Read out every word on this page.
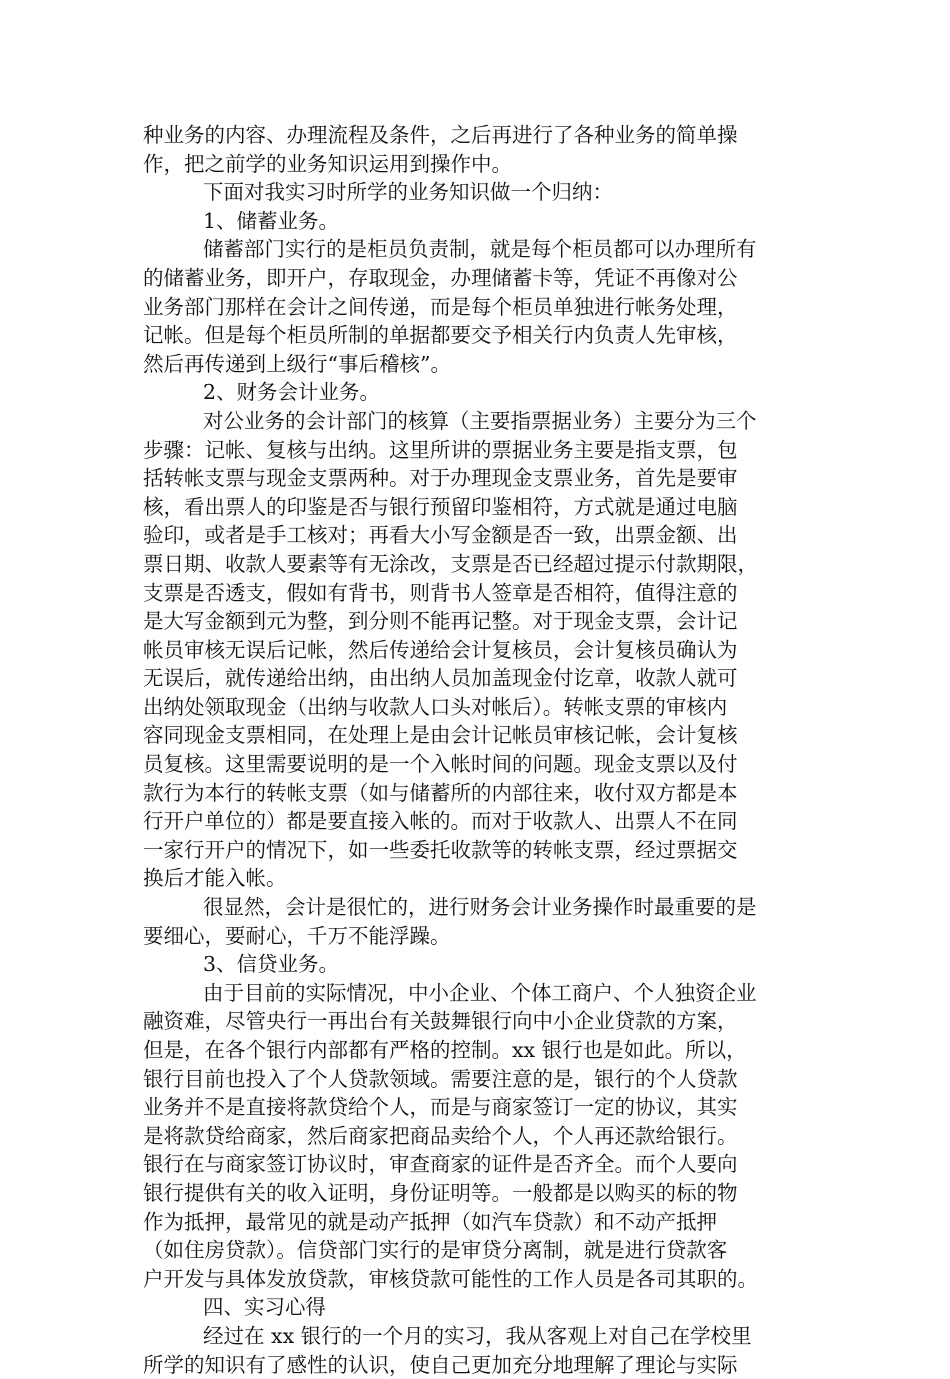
种业务的内容、办理流程及条件，之后再进行了各种业务的简单操
作，把之前学的业务知识运用到操作中。
下面对我实习时所学的业务知识做一个归纳：
1、储蓄业务。
储蓄部门实行的是柜员负责制，就是每个柜员都可以办理所有
的储蓄业务，即开户，存取现金，办理储蓄卡等，凭证不再像对公
业务部门那样在会计之间传递，而是每个柜员单独进行帐务处理，
记帐。但是每个柜员所制的单据都要交予相关行内负责人先审核，
然后再传递到上级行“事后稽核”。
2、财务会计业务。
对公业务的会计部门的核算（主要指票据业务）主要分为三个
步骤：记帐、复核与出纳。这里所讲的票据业务主要是指支票，包
括转帐支票与现金支票两种。对于办理现金支票业务，首先是要审
核，看出票人的印鉴是否与银行预留印鉴相符，方式就是通过电脑
验印，或者是手工核对；再看大小写金额是否一致，出票金额、出
票日期、收款人要素等有无涂改，支票是否已经超过提示付款期限，
支票是否透支，假如有背书，则背书人签章是否相符，值得注意的
是大写金额到元为整，到分则不能再记整。对于现金支票，会计记
帐员审核无误后记帐，然后传递给会计复核员，会计复核员确认为
无误后，就传递给出纳，由出纳人员加盖现金付讫章，收款人就可
出纳处领取现金（出纳与收款人口头对帐后）。转帐支票的审核内
容同现金支票相同，在处理上是由会计记帐员审核记帐，会计复核
员复核。这里需要说明的是一个入帐时间的问题。现金支票以及付
款行为本行的转帐支票（如与储蓄所的内部往来，收付双方都是本
行开户单位的）都是要直接入帐的。而对于收款人、出票人不在同
一家行开户的情况下，如一些委托收款等的转帐支票，经过票据交
换后才能入帐。
很显然，会计是很忙的，进行财务会计业务操作时最重要的是
要细心，要耐心，千万不能浮躁。
3、信贷业务。
由于目前的实际情况，中小企业、个体工商户、个人独资企业
融资难，尽管央行一再出台有关鼓舞银行向中小企业贷款的方案，
但是，在各个银行内部都有严格的控制。xx 银行也是如此。所以，
银行目前也投入了个人贷款领域。需要注意的是，银行的个人贷款
业务并不是直接将款贷给个人，而是与商家签订一定的协议，其实
是将款贷给商家，然后商家把商品卖给个人，个人再还款给银行。
银行在与商家签订协议时，审查商家的证件是否齐全。而个人要向
银行提供有关的收入证明，身份证明等。一般都是以购买的标的物
作为抵押，最常见的就是动产抵押（如汽车贷款）和不动产抵押
（如住房贷款）。信贷部门实行的是审贷分离制，就是进行贷款客
户开发与具体发放贷款，审核贷款可能性的工作人员是各司其职的。
四、实习心得
经过在 xx 银行的一个月的实习，我从客观上对自己在学校里
所学的知识有了感性的认识，使自己更加充分地理解了理论与实际
